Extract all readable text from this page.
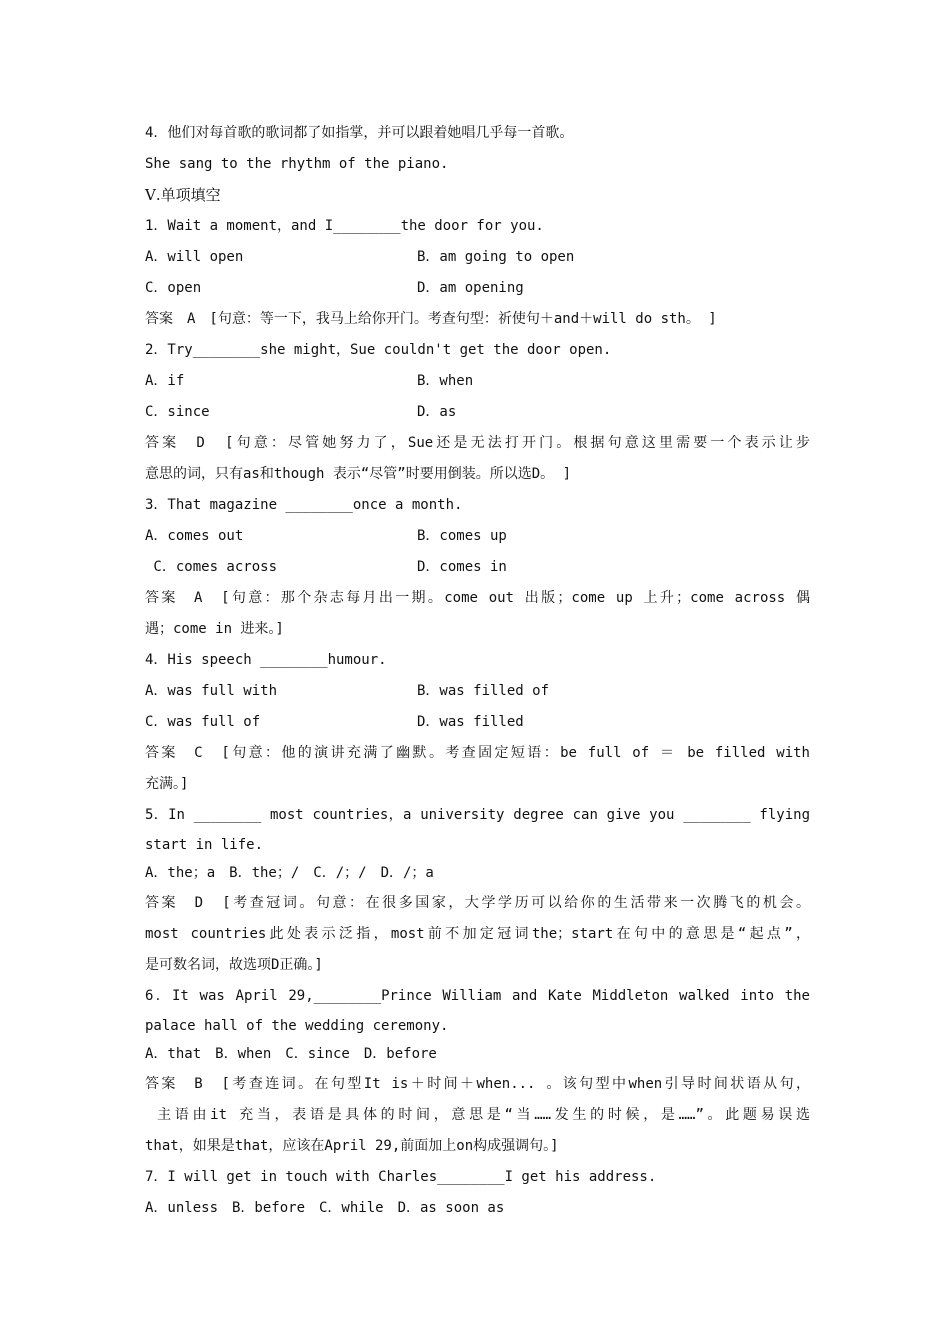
4．他们对每首歌的歌词都了如指掌，并可以跟着她唱几乎每一首歌。
She sang to the rhythm of the piano.
Ⅴ.单项填空
1．Wait a moment，and I________the door for you.
A．will open	B．am going to open
C．open	D．am opening
答案　A　[句意：等一下，我马上给你开门。考查句型：祈使句＋and＋will do sth。 ]
2．Try________she might，Sue couldn't get the door open.
A．if	B．when
C．since	D．as
答案　D　[句意：尽管她努力了，Sue还是无法打开门。根据句意这里需要一个表示让步
意思的词，只有as和though 表示“尽管”时要用倒装。所以选D。 ]
3．That magazine ________once a month.
A．comes out	B．comes up
C．comes across	D．comes in
答案　A　[句意：那个杂志每月出一期。come out 出版；come up 上升；come across 偶
遇；come in 进来。]
4．His speech ________humour.
A．was full with	B．was filled of
C．was full of	D．was filled
答案　C　[句意：他的演讲充满了幽默。考查固定短语：be full of ＝ be filled with
充满。]
5．In ________ most countries，a university degree can give you ________ flying
start in life.
A．the；a　B．the；/　C．/；/　D．/；a
答案　D　[考查冠词。句意：在很多国家，大学学历可以给你的生活带来一次腾飞的机会。
most countries此处表示泛指，most前不加定冠词the；start在句中的意思是“起点”，
是可数名词，故选项D正确。]
6．It was April 29,________Prince William and Kate Middleton walked into the
palace hall of the wedding ceremony.
A．that　B．when　C．since　D．before
答案　B　[考查连词。在句型It is＋时间＋when... 。该句型中when引导时间状语从句，
主语由it 充当，表语是具体的时间，意思是“当……发生的时候，是……”。此题易误选
that，如果是that，应该在April 29,前面加上on构成强调句。]
7．I will get in touch with Charles________I get his address.
A．unless　B．before　C．while　D．as soon as
